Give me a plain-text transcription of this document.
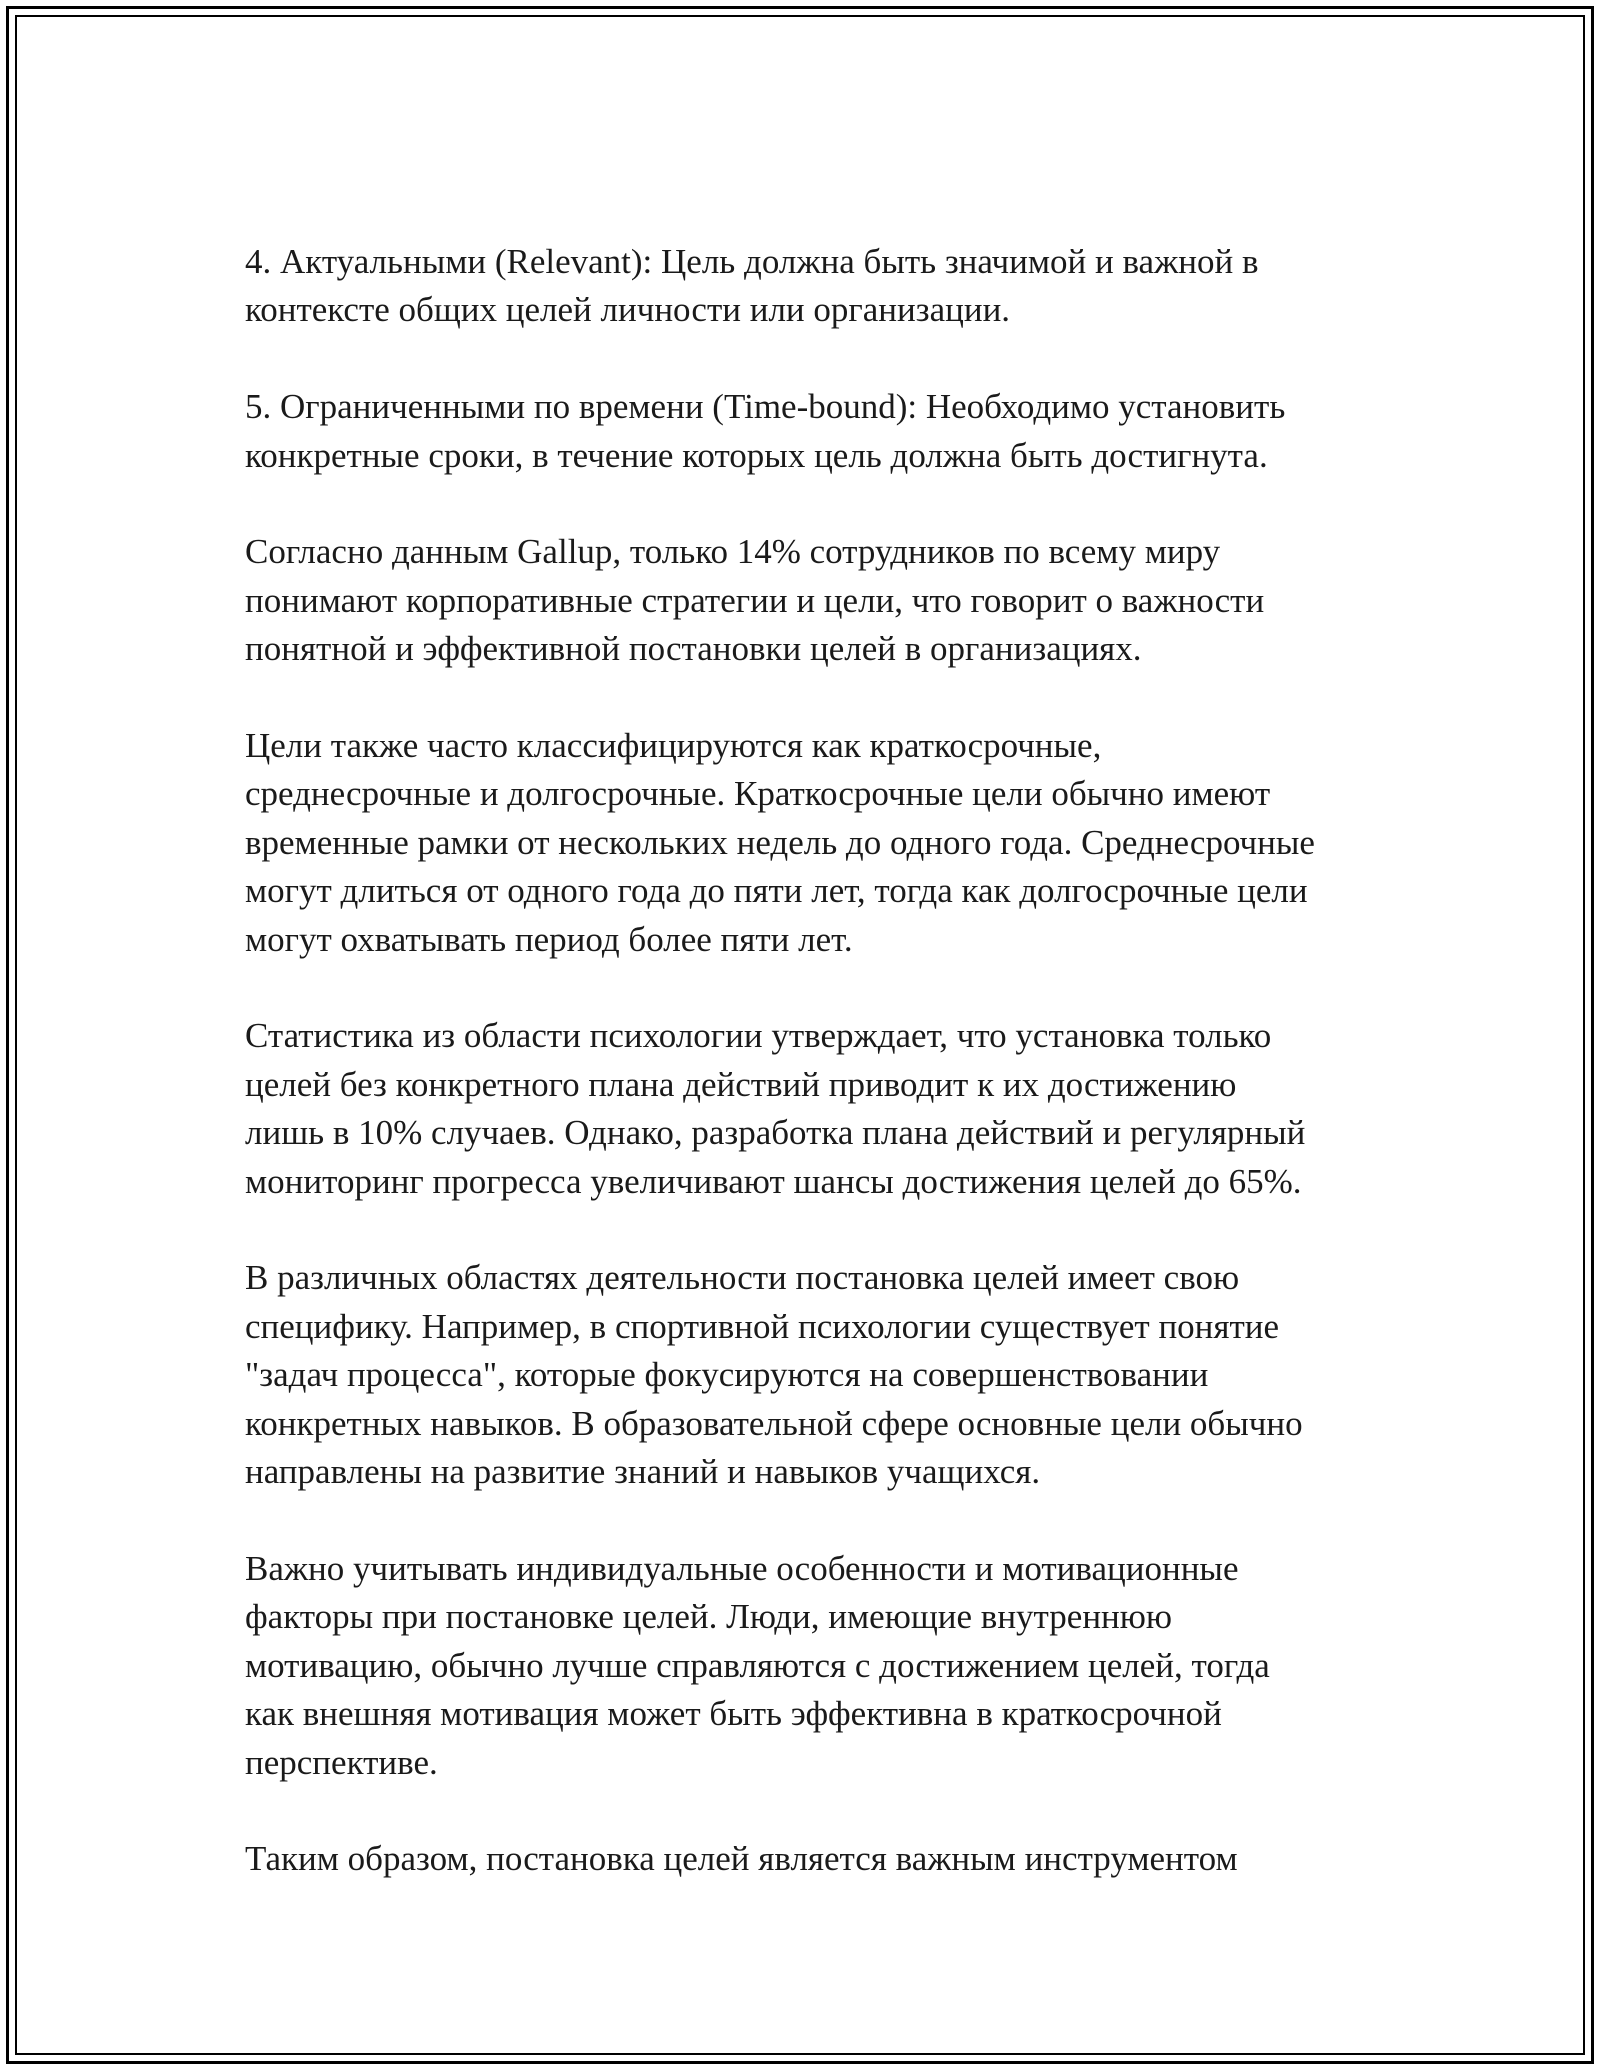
4. Актуальными (Relevant): Цель должна быть значимой и важной в
контексте общих целей личности или организации.

5. Ограниченными по времени (Time-bound): Необходимо установить
конкретные сроки, в течение которых цель должна быть достигнута.

Согласно данным Gallup, только 14% сотрудников по всему миру
понимают корпоративные стратегии и цели, что говорит о важности
понятной и эффективной постановки целей в организациях.

Цели также часто классифицируются как краткосрочные,
среднесрочные и долгосрочные. Краткосрочные цели обычно имеют
временные рамки от нескольких недель до одного года. Среднесрочные
могут длиться от одного года до пяти лет, тогда как долгосрочные цели
могут охватывать период более пяти лет.

Статистика из области психологии утверждает, что установка только
целей без конкретного плана действий приводит к их достижению
лишь в 10% случаев. Однако, разработка плана действий и регулярный
мониторинг прогресса увеличивают шансы достижения целей до 65%.

В различных областях деятельности постановка целей имеет свою
специфику. Например, в спортивной психологии существует понятие
"задач процесса", которые фокусируются на совершенствовании
конкретных навыков. В образовательной сфере основные цели обычно
направлены на развитие знаний и навыков учащихся.

Важно учитывать индивидуальные особенности и мотивационные
факторы при постановке целей. Люди, имеющие внутреннюю
мотивацию, обычно лучше справляются с достижением целей, тогда
как внешняя мотивация может быть эффективна в краткосрочной
перспективе.

Таким образом, постановка целей является важным инструментом
